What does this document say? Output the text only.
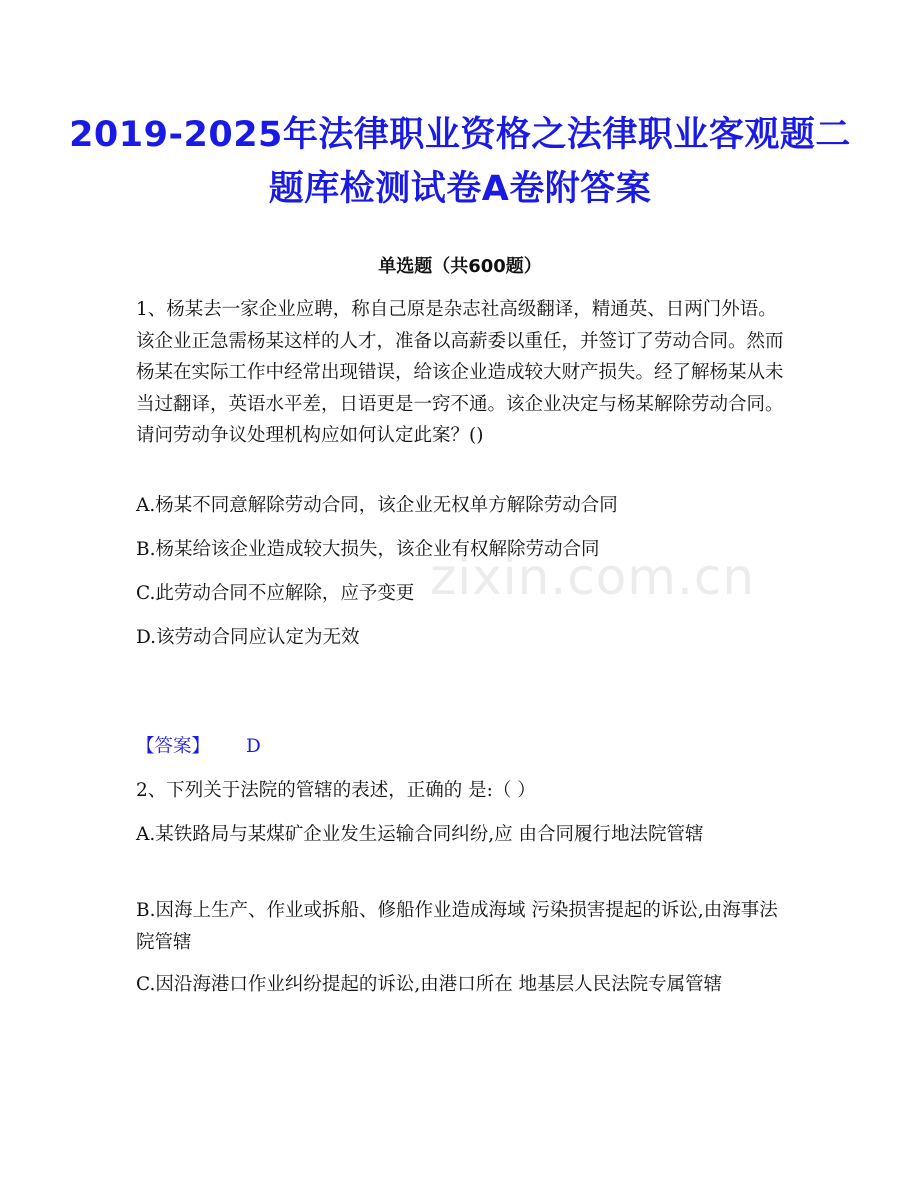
2019-2025年法律职业资格之法律职业客观题二题库检测试卷A卷附答案
单选题（共600题）

1、杨某去一家企业应聘，称自己原是杂志社高级翻译，精通英、日两门外语。该企业正急需杨某这样的人才，准备以高薪委以重任，并签订了劳动合同。然而杨某在实际工作中经常出现错误，给该企业造成较大财产损失。经了解杨某从未当过翻译，英语水平差，日语更是一窍不通。该企业决定与杨某解除劳动合同。请问劳动争议处理机构应如何认定此案？()

A.杨某不同意解除劳动合同，该企业无权单方解除劳动合同

B.杨某给该企业造成较大损失，该企业有权解除劳动合同

C.此劳动合同不应解除，应予变更

D.该劳动合同应认定为无效

【答案】 D

2、下列关于法院的管辖的表述，正确的 是:（ ）

A.某铁路局与某煤矿企业发生运输合同纠纷,应 由合同履行地法院管辖

B.因海上生产、作业或拆船、修船作业造成海域 污染损害提起的诉讼,由海事法院管辖

C.因沿海港口作业纠纷提起的诉讼,由港口所在 地基层人民法院专属管辖

zixin.com.cn
